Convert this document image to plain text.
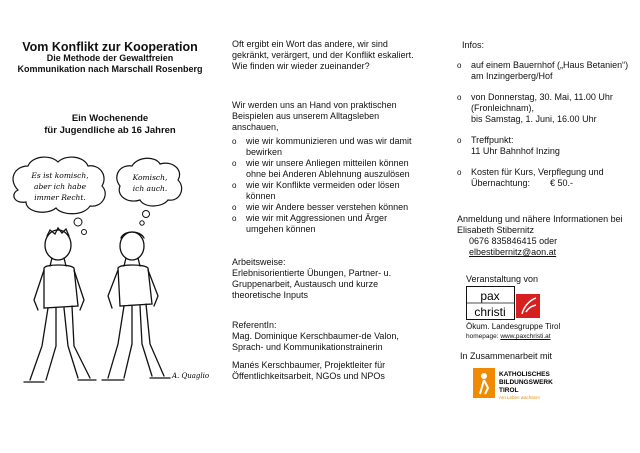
Vom Konflikt zur Kooperation
Die Methode der Gewaltfreien
Kommunikation nach Marschall Rosenberg
Ein Wochenende
für Jugendliche ab 16 Jahren
Es ist komisch,
aber ich habe
immer Recht.
Komisch,
ich auch.
A. Quaglio
Oft ergibt ein Wort das andere, wir sind
gekränkt, verärgert, und der Konflikt eskaliert.
Wie finden wir wieder zueinander?
Wir werden uns an Hand von praktischen
Beispielen aus unserem Alltagsleben
anschauen,
o wie wir kommunizieren und was wir damit
bewirken
o wie wir unsere Anliegen mitteilen können
ohne bei Anderen Ablehnung auszulösen
o wie wir Konflikte vermeiden oder lösen
können
o wie wir Andere besser verstehen können
o wie wir mit Aggressionen und Ärger
umgehen können
Arbeitsweise:
Erlebnisorientierte Übungen, Partner- u.
Gruppenarbeit, Austausch und kurze
theoretische Inputs
ReferentIn:
Mag. Dominique Kerschbaumer-de Valon,
Sprach- und Kommunikationstrainerin
Manés Kerschbaumer, Projektleiter für
Öffentlichkeitsarbeit, NGOs und NPOs
Infos:
o auf einem Bauernhof („Haus Betanien“)
am Inzingerberg/Hof
o von Donnerstag, 30. Mai, 11.00 Uhr
(Fronleichnam),
bis Samstag, 1. Juni, 16.00 Uhr
o Treffpunkt:
11 Uhr Bahnhof Inzing
o Kosten für Kurs, Verpflegung und
Übernachtung:        € 50.-
Anmeldung und nähere Informationen bei
Elisabeth Stibernitz
0676 835846415 oder
elbestibernitz@aon.at
Veranstaltung von
pax
christi
Ökum. Landesgruppe Tirol
homepage: www.paxchristi.at
In Zusammenarbeit mit
KATHOLISCHES
BILDUNGSWERK
TIROL
Am Leben wachsen!
